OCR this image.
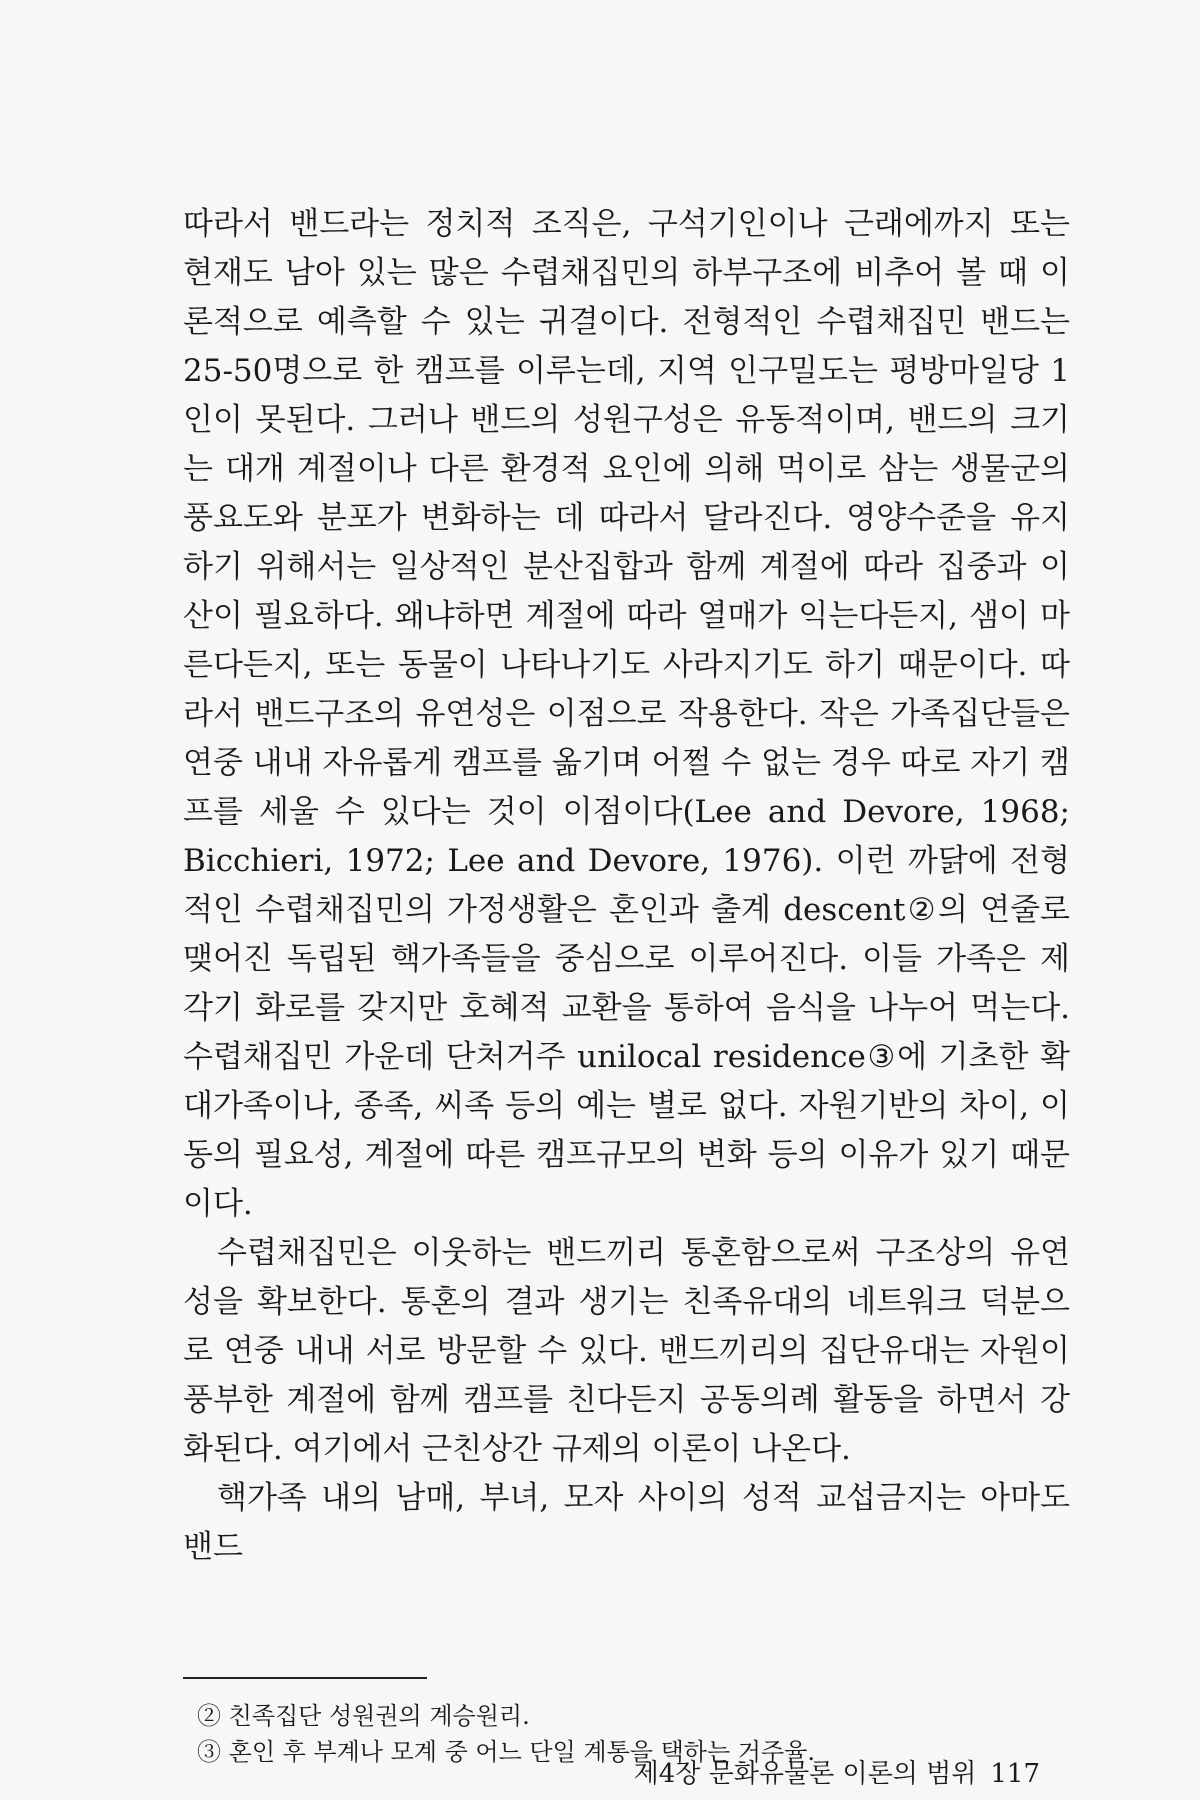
따라서 밴드라는 정치적 조직은, 구석기인이나 근래에까지 또는 현재도 남아 있는 많은 수렵채집민의 하부구조에 비추어 볼 때 이론적으로 예측할 수 있는 귀결이다. 전형적인 수렵채집민 밴드는 25-50명으로 한 캠프를 이루는데, 지역 인구밀도는 평방마일당 1인이 못된다. 그러나 밴드의 성원구성은 유동적이며, 밴드의 크기는 대개 계절이나 다른 환경적 요인에 의해 먹이로 삼는 생물군의 풍요도와 분포가 변화하는 데 따라서 달라진다. 영양수준을 유지하기 위해서는 일상적인 분산집합과 함께 계절에 따라 집중과 이산이 필요하다. 왜냐하면 계절에 따라 열매가 익는다든지, 샘이 마른다든지, 또는 동물이 나타나기도 사라지기도 하기 때문이다. 따라서 밴드구조의 유연성은 이점으로 작용한다. 작은 가족집단들은 연중 내내 자유롭게 캠프를 옮기며 어쩔 수 없는 경우 따로 자기 캠프를 세울 수 있다는 것이 이점이다(Lee and Devore, 1968; Bicchieri, 1972; Lee and Devore, 1976). 이런 까닭에 전형적인 수렵채집민의 가정생활은 혼인과 출계 descent②의 연줄로 맺어진 독립된 핵가족들을 중심으로 이루어진다. 이들 가족은 제각기 화로를 갖지만 호혜적 교환을 통하여 음식을 나누어 먹는다. 수렵채집민 가운데 단처거주 unilocal residence③에 기초한 확대가족이나, 종족, 씨족 등의 예는 별로 없다. 자원기반의 차이, 이동의 필요성, 계절에 따른 캠프규모의 변화 등의 이유가 있기 때문이다.

수렵채집민은 이웃하는 밴드끼리 통혼함으로써 구조상의 유연성을 확보한다. 통혼의 결과 생기는 친족유대의 네트워크 덕분으로 연중 내내 서로 방문할 수 있다. 밴드끼리의 집단유대는 자원이 풍부한 계절에 함께 캠프를 친다든지 공동의례 활동을 하면서 강화된다. 여기에서 근친상간 규제의 이론이 나온다.

핵가족 내의 남매, 부녀, 모자 사이의 성적 교섭금지는 아마도 밴드

② 친족집단 성원권의 계승원리.

③ 혼인 후 부계나 모계 중 어느 단일 계통을 택하는 거주율.

제4장 문화유물론 이론의 범위 117
